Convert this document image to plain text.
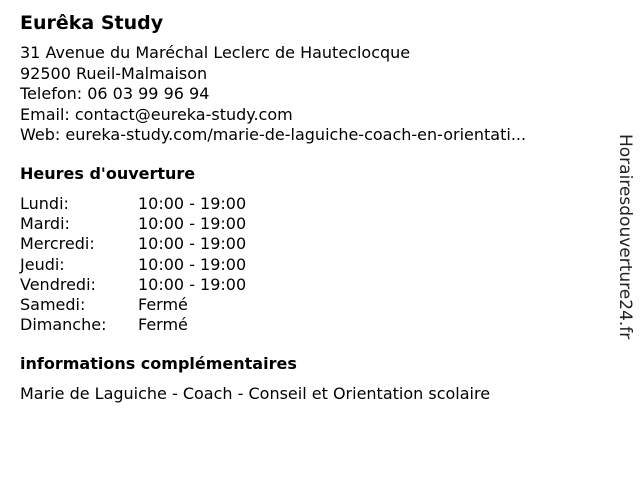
Eurêka Study
31 Avenue du Maréchal Leclerc de Hauteclocque
92500 Rueil-Malmaison
Telefon: 06 03 99 96 94
Email: contact@eureka-study.com
Web: eureka-study.com/marie-de-laguiche-coach-en-orientati...
Heures d'ouverture
Lundi:	10:00 - 19:00
Mardi:	10:00 - 19:00
Mercredi:	10:00 - 19:00
Jeudi:	10:00 - 19:00
Vendredi:	10:00 - 19:00
Samedi:	Fermé
Dimanche:	Fermé
informations complémentaires
Marie de Laguiche - Coach - Conseil et Orientation scolaire
Horairesdouverture24.fr
